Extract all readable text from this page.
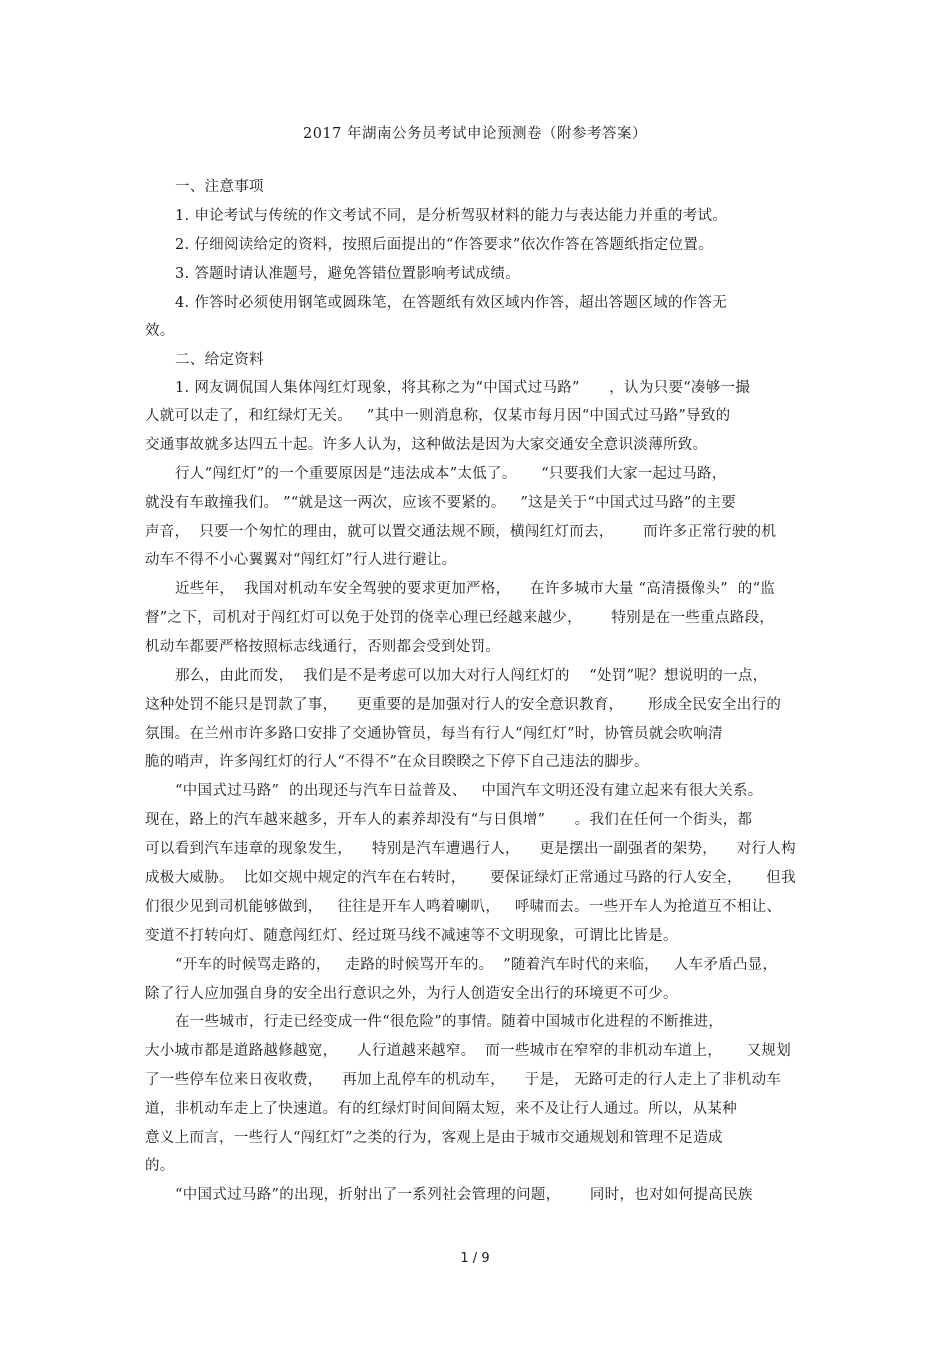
2017 年湖南公务员考试申论预测卷（附参考答案）
一、注意事项
1. 申论考试与传统的作文考试不同，是分析驾驭材料的能力与表达能力并重的考试。
2. 仔细阅读给定的资料，按照后面提出的“作答要求”依次作答在答题纸指定位置。
3. 答题时请认准题号，避免答错位置影响考试成绩。
4. 作答时必须使用钢笔或圆珠笔，在答题纸有效区域内作答，超出答题区域的作答无
效。
二、给定资料
1. 网友调侃国人集体闯红灯现象，将其称之为“中国式过马路”      ，认为只要“凑够一撮
人就可以走了，和红绿灯无关。   ”其中一则消息称，仅某市每月因“中国式过马路”导致的
交通事故就多达四五十起。许多人认为，这种做法是因为大家交通安全意识淡薄所致。
行人“闯红灯”的一个重要原因是“违法成本”太低了。     “只要我们大家一起过马路，
就没有车敢撞我们。 ”“就是这一两次，应该不要紧的。   ”这是关于“中国式过马路”的主要
声音，  只要一个匆忙的理由，就可以置交通法规不顾，横闯红灯而去，      而许多正常行驶的机
动车不得不小心翼翼对“闯红灯”行人进行避让。
近些年，  我国对机动车安全驾驶的要求更加严格，    在许多城市大量 “高清摄像头”  的“监
督”之下，司机对于闯红灯可以免于处罚的侥幸心理已经越来越少，      特别是在一些重点路段，
机动车都要严格按照标志线通行，否则都会受到处罚。
那么，由此而发，  我们是不是考虑可以加大对行人闯红灯的    “处罚”呢？想说明的一点，
这种处罚不能只是罚款了事，    更重要的是加强对行人的安全意识教育，     形成全民安全出行的
氛围。在兰州市许多路口安排了交通协管员，每当有行人“闯红灯”时，协管员就会吹响清
脆的哨声，许多闯红灯的行人“不得不”在众目睽睽之下停下自己违法的脚步。
“中国式过马路”  的出现还与汽车日益普及、   中国汽车文明还没有建立起来有很大关系。
现在，路上的汽车越来越多，开车人的素养却没有“与日俱增”      。我们在任何一个街头，都
可以看到汽车违章的现象发生，    特别是汽车遭遇行人，    更是摆出一副强者的架势，    对行人构
成极大威胁。  比如交规中规定的汽车在右转时，     要保证绿灯正常通过马路的行人安全，     但我
们很少见到司机能够做到，   往往是开车人鸣着喇叭，   呼啸而去。一些开车人为抢道互不相让、
变道不打转向灯、随意闯红灯、经过斑马线不减速等不文明现象，可谓比比皆是。
“开车的时候骂走路的，   走路的时候骂开车的。  ”随着汽车时代的来临，   人车矛盾凸显，
除了行人应加强自身的安全出行意识之外，为行人创造安全出行的环境更不可少。
在一些城市，行走已经变成一件“很危险”的事情。随着中国城市化进程的不断推进，
大小城市都是道路越修越宽，    人行道越来越窄。  而一些城市在窄窄的非机动车道上，     又规划
了一些停车位来日夜收费，    再加上乱停车的机动车，    于是， 无路可走的行人走上了非机动车
道，非机动车走上了快速道。有的红绿灯时间间隔太短，来不及让行人通过。所以，从某种
意义上而言，一些行人“闯红灯”之类的行为，客观上是由于城市交通规划和管理不足造成
的。
“中国式过马路”的出现，折射出了一系列社会管理的问题，      同时，也对如何提高民族
1 / 9
